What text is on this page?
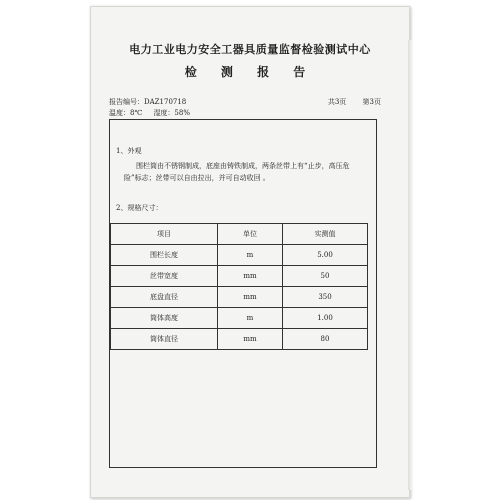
电力工业电力安全工器具质量监督检验测试中心
检 测 报 告
报告编号：DAZ170718
温度：8℃ 湿度：58%
共3页 第3页
1、外观
围栏筒由不锈钢制成，底座由铸铁制成，两条丝带上有“止步，高压危险”标志；丝带可以自由拉出，并可自动收回 。
2、规格尺寸：
项目	单位	实测值
围栏长度	m	5.00
丝带宽度	mm	50
底盘直径	mm	350
筒体高度	m	1.00
筒体直径	mm	80
